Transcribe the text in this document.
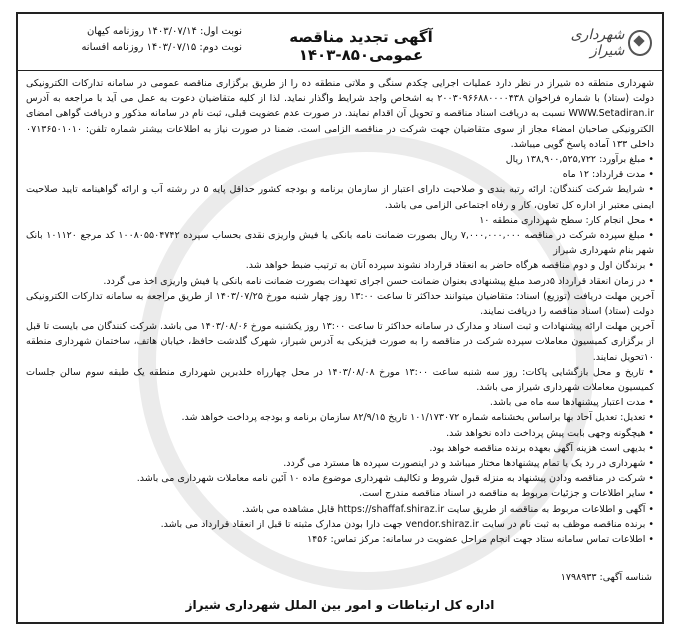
شهرداری شیراز
آگهی تجدید مناقصه عمومی۸۵۰-۱۴۰۳
نوبت اول: ۱۴۰۳/۰۷/۱۴ روزنامه کیهان
نوبت دوم: ۱۴۰۳/۰۷/۱۵ روزنامه افسانه

شهرداری منطقه ده شیراز در نظر دارد عملیات اجرایی چکدم سنگی و ملاتی منطقه ده را از طریق برگزاری مناقصه عمومی در سامانه تدارکات الکترونیکی دولت (ستاد) با شماره فراخوان ۲۰۰۳۰۹۶۶۸۸۰۰۰۰۴۳۸ به اشخاص واجد شرایط واگذار نماید. لذا از کلیه متقاضیان دعوت به عمل می آید با مراجعه به آدرس WWW.Setadiran.ir نسبت به دریافت اسناد مناقصه و تحویل آن اقدام نمایند. در صورت عدم عضویت قبلی، ثبت نام در سامانه مذکور و دریافت گواهی امضای الکترونیکی صاحبان امضاء مجاز از سوی متقاضیان جهت شرکت در مناقصه الزامی است. ضمنا در صورت نیاز به اطلاعات بیشتر شماره تلفن: ۰۷۱۳۶۵۰۱۰۱۰ داخلی ۱۳۳ آماده پاسخ گویی میباشد.

• مبلغ برآورد: ۱۳۸,۹۰۰,۵۲۵,۷۲۲ ریال

• مدت قرارداد: ۱۲ ماه

• شرایط شرکت کنندگان: ارائه رتبه بندی و صلاحیت دارای اعتبار از سازمان برنامه و بودجه کشور حداقل پایه ۵ در رشته آب و ارائه گواهینامه تایید صلاحیت ایمنی معتبر از اداره کل تعاون، کار و رفاه اجتماعی الزامی می باشد.

• محل انجام کار: سطح شهرداری منطقه ۱۰

• مبلغ سپرده شرکت در مناقصه ۷,۰۰۰,۰۰۰,۰۰۰ ریال بصورت ضمانت نامه بانکی یا فیش واریزی نقدی بحساب سپرده ۱۰۰۸۰۵۵۰۴۷۴۲ کد مرجع ۱۰۱۱۲۰ بانک شهر بنام شهرداری شیراز

• برندگان اول و دوم مناقصه هرگاه حاضر به انعقاد قرارداد نشوند سپرده آنان به ترتیب ضبط خواهد شد.

• در زمان انعقاد قرارداد ۵درصد مبلغ پیشنهادی بعنوان ضمانت حسن اجرای تعهدات بصورت ضمانت نامه بانکی یا فیش واریزی اخذ می گردد.

آخرین مهلت دریافت (توزیع) اسناد: متقاضیان میتوانند حداکثر تا ساعت ۱۳:۰۰ روز چهار شنبه مورخ ۱۴۰۳/۰۷/۲۵ از طریق مراجعه به سامانه تدارکات الکترونیکی دولت (ستاد) اسناد مناقصه را دریافت نمایند.

آخرین مهلت ارائه پیشنهادات و ثبت اسناد و مدارک در سامانه حداکثر تا ساعت ۱۳:۰۰ روز یکشنبه مورخ ۱۴۰۳/۰۸/۰۶ می باشد. شرکت کنندگان می بایست تا قبل از برگزاری کمیسیون معاملات سپرده شرکت در مناقصه را به صورت فیزیکی به آدرس شیراز، شهرک گلدشت حافظ، خیابان هاتف، ساختمان شهرداری منطقه ۱۰تحویل نمایند.

• تاریخ و محل بازگشایی پاکات: روز سه شنبه ساعت ۱۳:۰۰ مورخ ۱۴۰۳/۰۸/۰۸ در محل چهارراه خلدبرین شهرداری منطقه یک طبقه سوم سالن جلسات کمیسیون معاملات شهرداری شیراز می باشد.

• مدت اعتبار پیشنهادها سه ماه می باشد.

• تعدیل: تعدیل آحاد بها براساس بخشنامه شماره ۱۰۱/۱۷۳۰۷۲ تاریخ ۸۲/۹/۱۵ سازمان برنامه و بودجه پرداخت خواهد شد.

• هیچگونه وجهی بابت پیش پرداخت داده نخواهد شد.

• بدیهی است هزینه آگهی بعهده برنده مناقصه خواهد بود.

• شهرداری در رد یک یا تمام پیشنهادها مختار میباشد و در اینصورت سپرده ها مسترد می گردد.

• شرکت در مناقصه ودادن پیشنهاد به منزله قبول شروط و تکالیف شهرداری موضوع ماده ۱۰ آئین نامه معاملات شهرداری می باشد.

• سایر اطلاعات و جزئیات مربوط به مناقصه در اسناد مناقصه مندرج است.

• آگهی و اطلاعات مربوط به مناقصه از طریق سایت https://shaffaf.shiraz.ir قابل مشاهده می باشد.

• برنده مناقصه موظف به ثبت نام در سایت vendor.shiraz.ir جهت دارا بودن مدارک مثبته تا قبل از انعقاد قرارداد می باشد.

• اطلاعات تماس سامانه ستاد جهت انجام مراحل عضویت در سامانه: مرکز تماس: ۱۴۵۶

شناسه آگهی: ۱۷۹۸۹۳۳
اداره کل ارتباطات و امور بین الملل شهرداری شیراز
